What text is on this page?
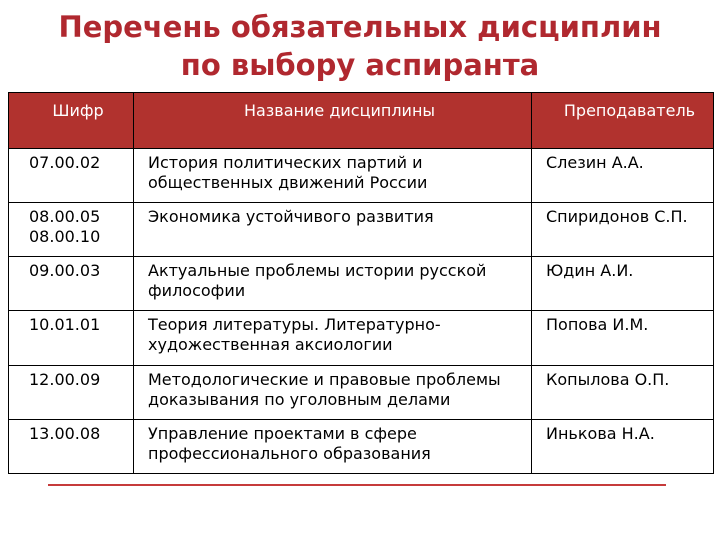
Перечень обязательных дисциплин
по выбору аспиранта
Шифр	Название дисциплины	Преподаватель

07.00.02	История политических партий и общественных движений России	Слезин А.А.

08.00.05
08.00.10	Экономика устойчивого развития	Спиридонов С.П.

09.00.03	Актуальные проблемы истории русской философии	Юдин А.И.

10.01.01	Теория литературы. Литературно-художественная аксиологии	Попова И.М.

12.00.09	Методологические и правовые проблемы доказывания по уголовным делами	Копылова О.П.

13.00.08	Управление проектами в сфере профессионального образования	Инькова Н.А.
